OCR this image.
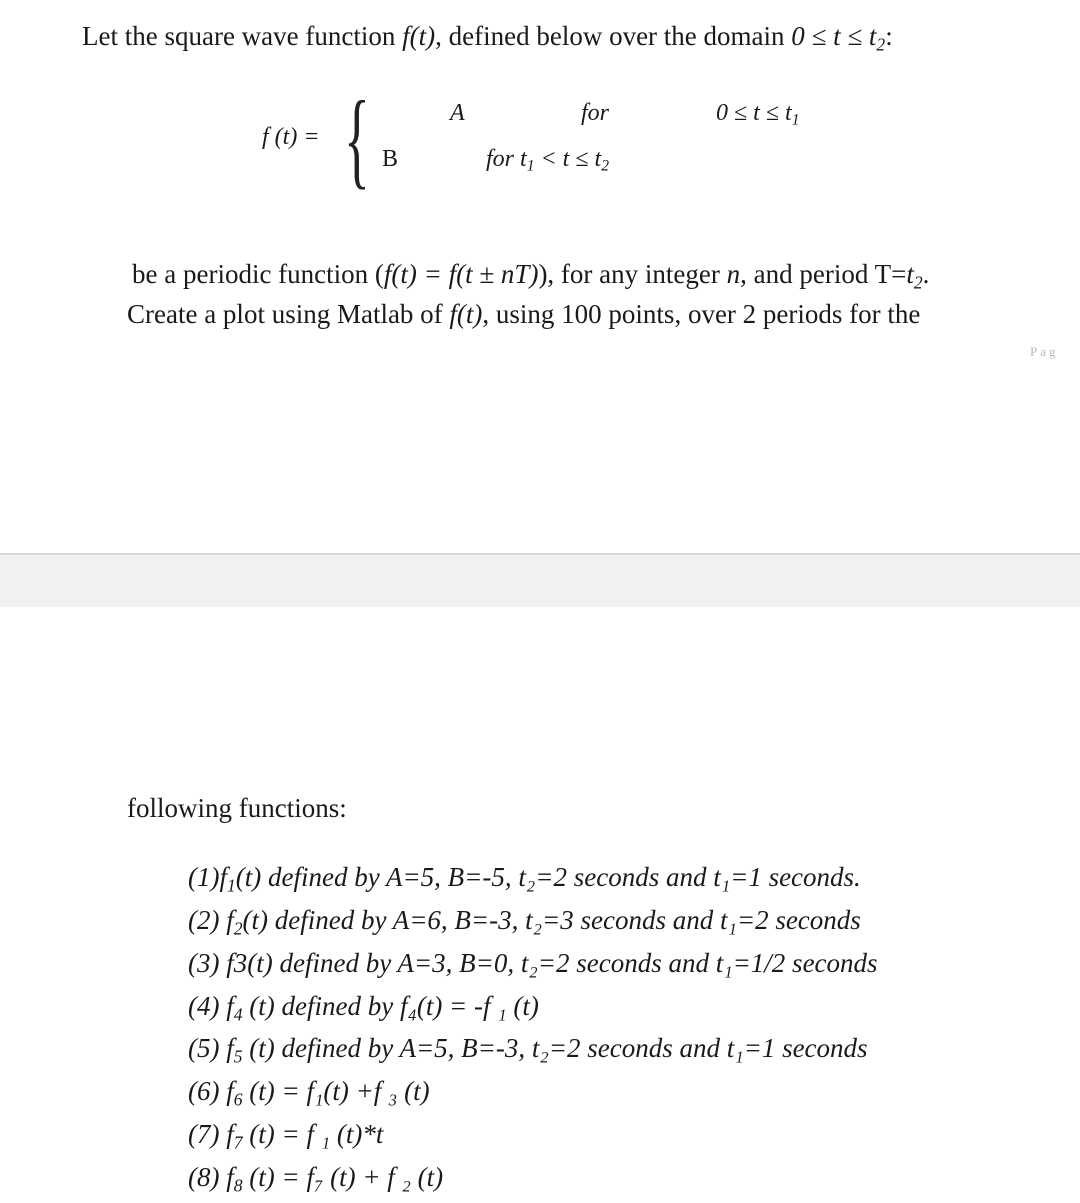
Let the square wave function f(t), defined below over the domain $0 \le t \le t_2$:
f (t) = {	A	for	$0 \le t \le t_1$
B	for $t_1 < t \le t_2$
be a periodic function (f(t) = f(t ± nT)), for any integer n, and period $T=t_2$.
Create a plot using Matlab of f(t), using 100 points, over 2 periods for the
Pag
following functions:
$(1)f_1(t)$ defined by A=5, B=-5, t₂=2 seconds and t₁=1 seconds.
(2) $f_2(t)$ defined by A=6, B=-3, t₂=3 seconds and t₁=2 seconds
(3) f3(t) defined by A=3, B=0, t₂=2 seconds and t₁=1/2 seconds
(4) $f_4$ (t) defined by f₄(t) = -f ₁ (t)
(5) $f_5$ (t) defined by A=5, B=-3, t₂=2 seconds and t₁=1 seconds
(6) $f_6$ (t) = f₁(t) +f ₃ (t)
(7) $f_7$ (t) = f ₁ (t)*t
(8) $f_8$ (t) = f₇ (t) + f ₂ (t)
